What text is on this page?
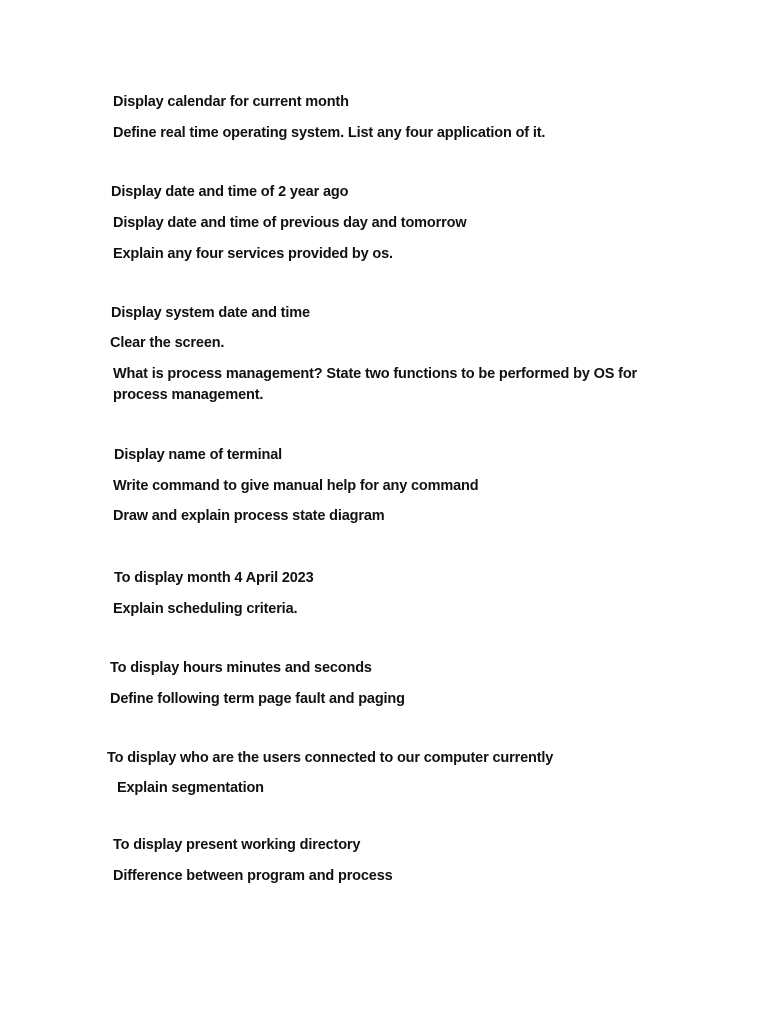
Display calendar for current month
Define real time operating system. List any four application of it.
Display date and time of 2 year ago
Display date and time of previous day and tomorrow
Explain any four services provided by os.
Display system date and time
Clear the screen.
What is process management? State two functions to be performed by OS for process management.
Display name of terminal
Write command to give manual help for any command
Draw and explain process state diagram
To display month 4 April 2023
Explain scheduling criteria.
To display hours minutes and seconds
Define following term page fault and paging
To display who are the users connected to our computer currently
Explain segmentation
To display present working directory
Difference between program and process
